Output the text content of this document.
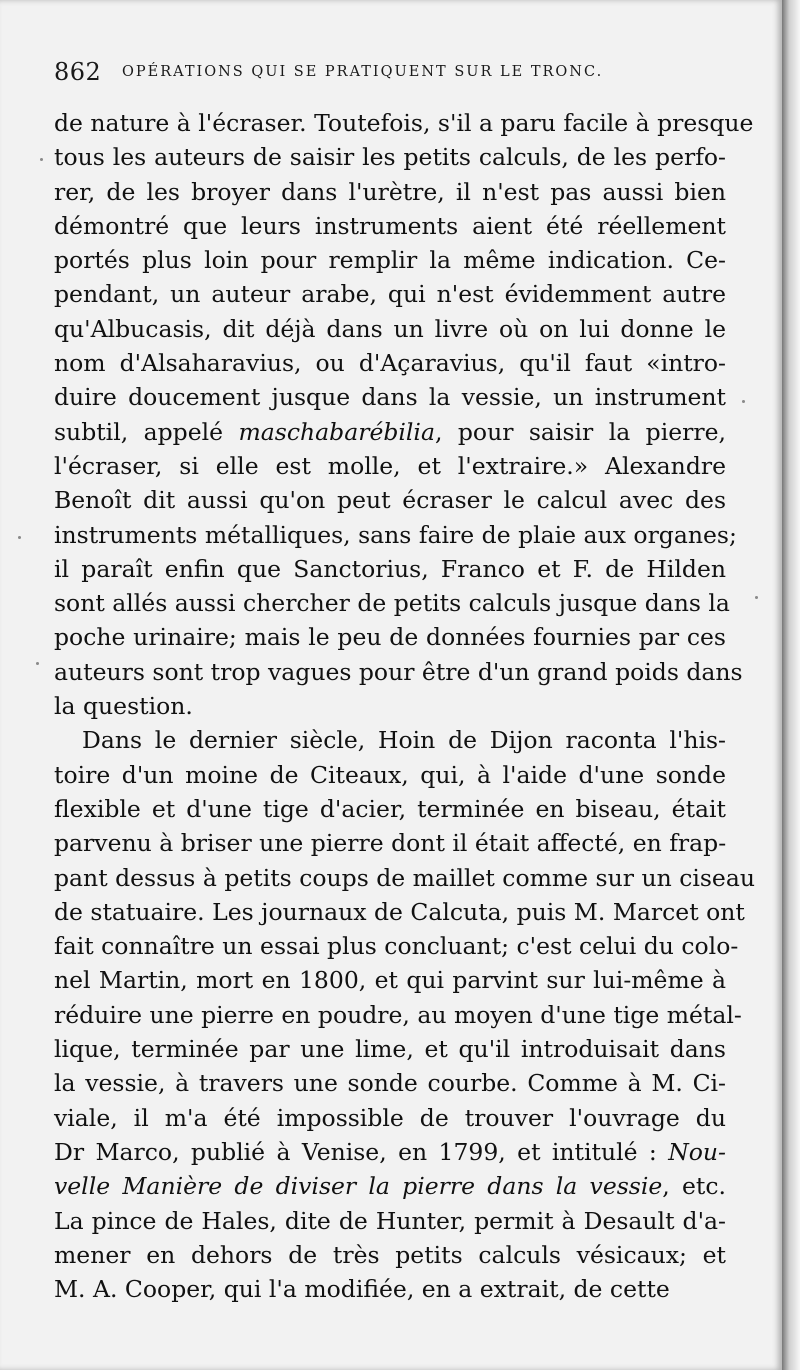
862 OPÉRATIONS QUI SE PRATIQUENT SUR LE TRONC.
de nature à l'écraser. Toutefois, s'il a paru facile à presque
tous les auteurs de saisir les petits calculs, de les perfo-
rer, de les broyer dans l'urètre, il n'est pas aussi bien
démontré que leurs instruments aient été réellement
portés plus loin pour remplir la même indication. Ce-
pendant, un auteur arabe, qui n'est évidemment autre
qu'Albucasis, dit déjà dans un livre où on lui donne le
nom d'Alsaharavius, ou d'Açaravius, qu'il faut «intro-
duire doucement jusque dans la vessie, un instrument
subtil, appelé maschabarébilia, pour saisir la pierre,
l'écraser, si elle est molle, et l'extraire.» Alexandre
Benoît dit aussi qu'on peut écraser le calcul avec des
instruments métalliques, sans faire de plaie aux organes;
il paraît enfin que Sanctorius, Franco et F. de Hilden
sont allés aussi chercher de petits calculs jusque dans la
poche urinaire; mais le peu de données fournies par ces
auteurs sont trop vagues pour être d'un grand poids dans
la question.
Dans le dernier siècle, Hoin de Dijon raconta l'his-
toire d'un moine de Citeaux, qui, à l'aide d'une sonde
flexible et d'une tige d'acier, terminée en biseau, était
parvenu à briser une pierre dont il était affecté, en frap-
pant dessus à petits coups de maillet comme sur un ciseau
de statuaire. Les journaux de Calcuta, puis M. Marcet ont
fait connaître un essai plus concluant; c'est celui du colo-
nel Martin, mort en 1800, et qui parvint sur lui-même à
réduire une pierre en poudre, au moyen d'une tige métal-
lique, terminée par une lime, et qu'il introduisait dans
la vessie, à travers une sonde courbe. Comme à M. Ci-
viale, il m'a été impossible de trouver l'ouvrage du
Dr Marco, publié à Venise, en 1799, et intitulé : Nou-
velle Manière de diviser la pierre dans la vessie, etc.
La pince de Hales, dite de Hunter, permit à Desault d'a-
mener en dehors de très petits calculs vésicaux; et
M. A. Cooper, qui l'a modifiée, en a extrait, de cette
